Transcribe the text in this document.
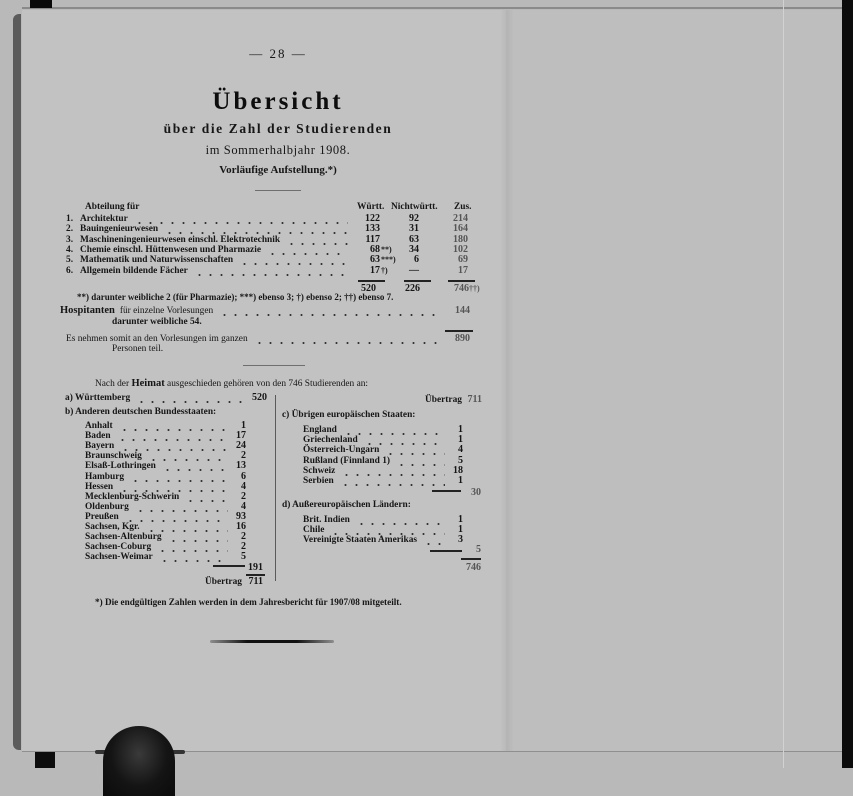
— 28 —
Übersicht
über die Zahl der Studierenden
im Sommerhalbjahr 1908.
Vorläufige Aufstellung.*)
Abteilung für	Württ. Nichtwürtt. Zus.
1. Architektur	122	92	214
2. Bauingenieurwesen	133	31	164
3. Maschineningenieurwesen einschl. Elektrotechnik	117	63	180
4. Chemie einschl. Hüttenwesen und Pharmazie	68 **)	34	102
5. Mathematik und Naturwissenschaften	63 ***)	6	69
6. Allgemein bildende Fächer	17 †)	—	17
520	226	746 ††)
**) darunter weibliche 2 (für Pharmazie); ***) ebenso 3; †) ebenso 2; ††) ebenso 7.
Hospitanten für einzelne Vorlesungen	144
darunter weibliche 54.
Es nehmen somit an den Vorlesungen im ganzen	890
Personen teil.
Nach der Heimat ausgeschieden gehören von den 746 Studierenden an:
a) Württemberg	520	Übertrag 711
b) Anderen deutschen Bundesstaaten:	c) Übrigen europäischen Staaten:
Anhalt	1
Baden	17
Bayern	24
Braunschweig	2
Elsaß-Lothringen	13
Hamburg	6
Hessen	4
Mecklenburg-Schwerin	2
Oldenburg	4
Preußen	93
Sachsen, Kgr.	16
Sachsen-Altenburg	2
Sachsen-Coburg	2
Sachsen-Weimar	5
191
Übertrag 711
England	1
Griechenland	1
Österreich-Ungarn	4
Rußland (Finnland 1)	5
Schweiz	18
Serbien	1
30
d) Außereuropäischen Ländern:
Brit. Indien	1
Chile	1
Vereinigte Staaten Amerikas	3
5
746
*) Die endgültigen Zahlen werden in dem Jahresbericht für 1907/08 mitgeteilt.
